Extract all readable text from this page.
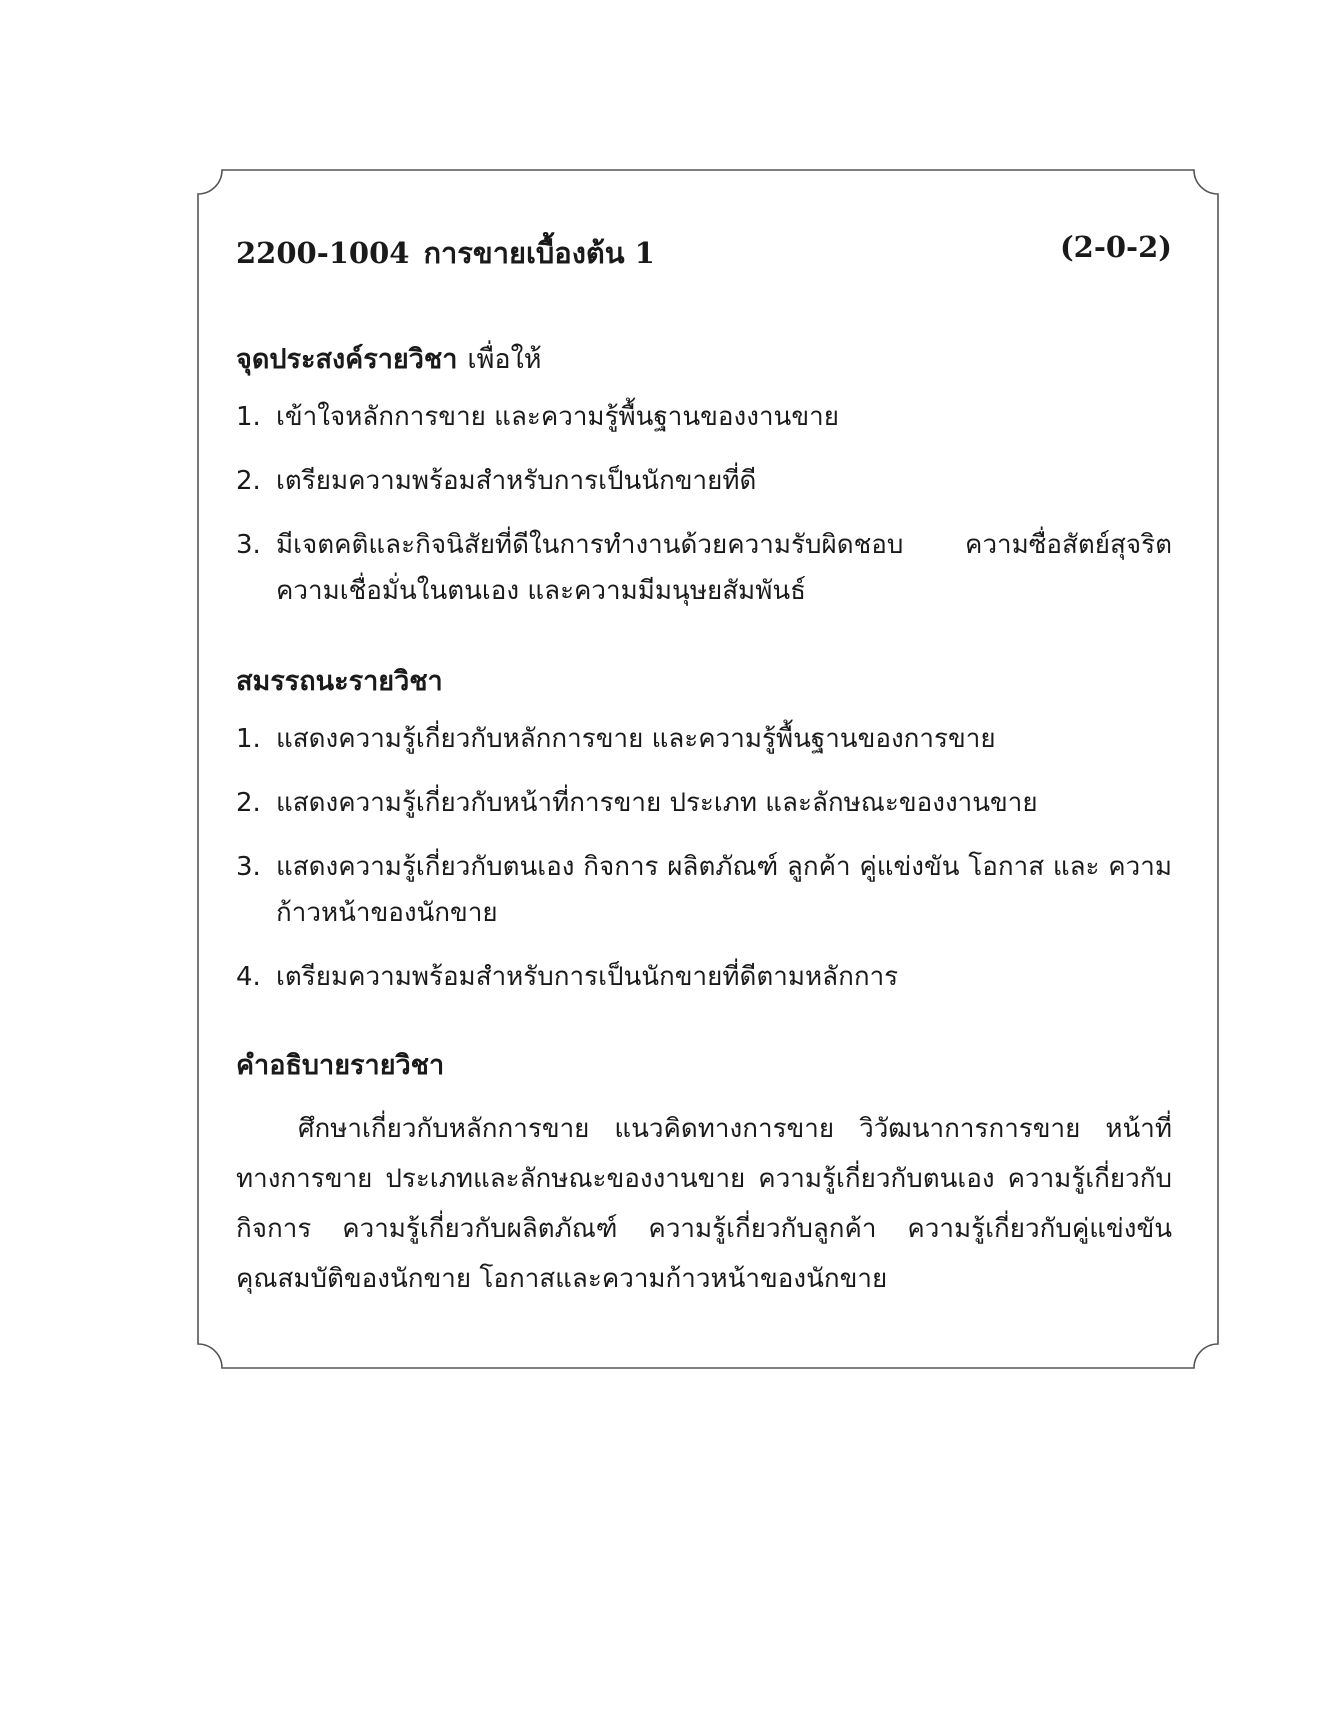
2200-1004 การขายเบื้องต้น 1	(2-0-2)
จุดประสงค์รายวิชา เพื่อให้
1. เข้าใจหลักการขาย และความรู้พื้นฐานของงานขาย
2. เตรียมความพร้อมสำหรับการเป็นนักขายที่ดี
3. มีเจตคติและกิจนิสัยที่ดีในการทำงานด้วยความรับผิดชอบ ความซื่อสัตย์สุจริต ความเชื่อมั่นในตนเอง และความมีมนุษยสัมพันธ์
สมรรถนะรายวิชา
1. แสดงความรู้เกี่ยวกับหลักการขาย และความรู้พื้นฐานของการขาย
2. แสดงความรู้เกี่ยวกับหน้าที่การขาย ประเภท และลักษณะของงานขาย
3. แสดงความรู้เกี่ยวกับตนเอง กิจการ ผลิตภัณฑ์ ลูกค้า คู่แข่งขัน โอกาส และ ความก้าวหน้าของนักขาย
4. เตรียมความพร้อมสำหรับการเป็นนักขายที่ดีตามหลักการ
คำอธิบายรายวิชา

ศึกษาเกี่ยวกับหลักการขาย แนวคิดทางการขาย วิวัฒนาการการขาย หน้าที่ทางการขาย ประเภทและลักษณะของงานขาย ความรู้เกี่ยวกับตนเอง ความรู้เกี่ยวกับกิจการ ความรู้เกี่ยวกับผลิตภัณฑ์ ความรู้เกี่ยวกับลูกค้า ความรู้เกี่ยวกับคู่แข่งขัน คุณสมบัติของนักขาย โอกาสและความก้าวหน้าของนักขาย
